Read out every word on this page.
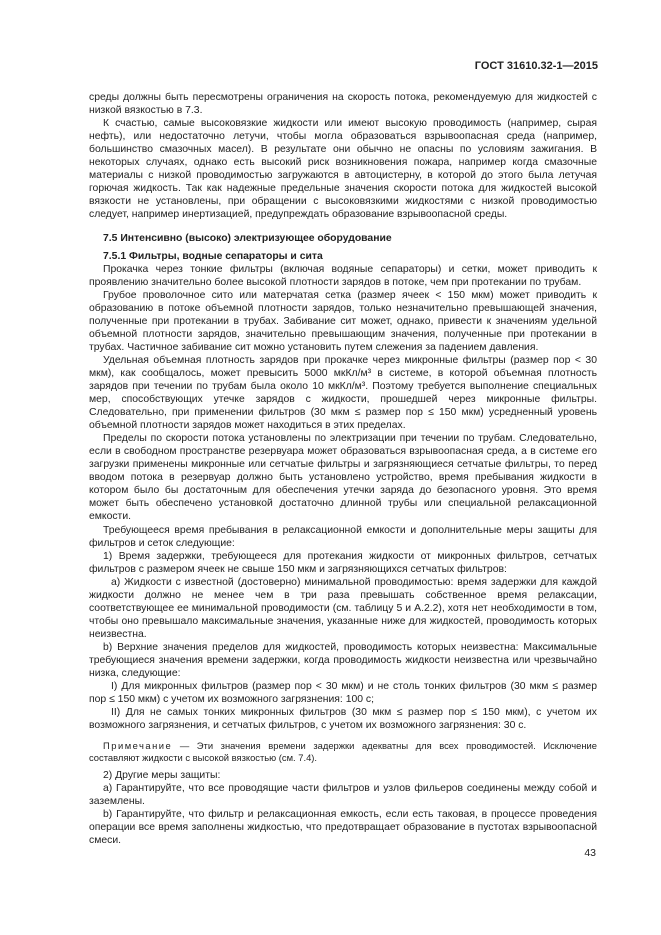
ГОСТ 31610.32-1—2015

среды должны быть пересмотрены ограничения на скорость потока, рекомендуемую для жидкостей с низкой вязкостью в 7.3.

К счастью, самые высоковязкие жидкости или имеют высокую проводимость (например, сырая нефть), или недостаточно летучи, чтобы могла образоваться взрывоопасная среда (например, большинство смазочных масел). В результате они обычно не опасны по условиям зажигания. В некоторых случаях, однако есть высокий риск возникновения пожара, например когда смазочные материалы с низкой проводимостью загружаются в автоцистерну, в которой до этого была летучая горючая жидкость. Так как надежные предельные значения скорости потока для жидкостей высокой вязкости не установлены, при обращении с высоковязкими жидкостями с низкой проводимостью следует, например инертизацией, предупреждать образование взрывоопасной среды.

7.5 Интенсивно (высоко) электризующее оборудование

7.5.1 Фильтры, водные сепараторы и сита

Прокачка через тонкие фильтры (включая водяные сепараторы) и сетки, может приводить к проявлению значительно более высокой плотности зарядов в потоке, чем при протекании по трубам.

Грубое проволочное сито или матерчатая сетка (размер ячеек < 150 мкм) может приводить к образованию в потоке объемной плотности зарядов, только незначительно превышающей значения, полученные при протекании в трубах. Забивание сит может, однако, привести к значениям удельной объемной плотности зарядов, значительно превышающим значения, полученные при протекании в трубах. Частичное забивание сит можно установить путем слежения за падением давления.

Удельная объемная плотность зарядов при прокачке через микронные фильтры (размер пор < 30 мкм), как сообщалось, может превысить 5000 мкКл/м³ в системе, в которой объемная плотность зарядов при течении по трубам была около 10 мкКл/м³. Поэтому требуется выполнение специальных мер, способствующих утечке зарядов с жидкости, прошедшей через микронные фильтры. Следовательно, при применении фильтров (30 мкм ≤ размер пор ≤ 150 мкм) усредненный уровень объемной плотности зарядов может находиться в этих пределах.

Пределы по скорости потока установлены по электризации при течении по трубам. Следовательно, если в свободном пространстве резервуара может образоваться взрывоопасная среда, а в системе его загрузки применены микронные или сетчатые фильтры и загрязняющиеся сетчатые фильтры, то перед вводом потока в резервуар должно быть установлено устройство, время пребывания жидкости в котором было бы достаточным для обеспечения утечки заряда до безопасного уровня. Это время может быть обеспечено установкой достаточно длинной трубы или специальной релаксационной емкости.

Требующееся время пребывания в релаксационной емкости и дополнительные меры защиты для фильтров и сеток следующие:

1) Время задержки, требующееся для протекания жидкости от микронных фильтров, сетчатых фильтров с размером ячеек не свыше 150 мкм и загрязняющихся сетчатых фильтров:

а) Жидкости с известной (достоверно) минимальной проводимостью: время задержки для каждой жидкости должно не менее чем в три раза превышать собственное время релаксации, соответствующее ее минимальной проводимости (см. таблицу 5 и А.2.2), хотя нет необходимости в том, чтобы оно превышало максимальные значения, указанные ниже для жидкостей, проводимость которых неизвестна.

b) Верхние значения пределов для жидкостей, проводимость которых неизвестна: Максимальные требующиеся значения времени задержки, когда проводимость жидкости неизвестна или чрезвычайно низка, следующие:

I) Для микронных фильтров (размер пор < 30 мкм) и не столь тонких фильтров (30 мкм ≤ размер пор ≤ 150 мкм) с учетом их возможного загрязнения: 100 с;

II) Для не самых тонких микронных фильтров (30 мкм ≤ размер пор ≤ 150 мкм), с учетом их возможного загрязнения, и сетчатых фильтров, с учетом их возможного загрязнения: 30 с.

Примечание — Эти значения времени задержки адекватны для всех проводимостей. Исключение составляют жидкости с высокой вязкостью (см. 7.4).

2) Другие меры защиты:

а) Гарантируйте, что все проводящие части фильтров и узлов фильеров соединены между собой и заземлены.

b) Гарантируйте, что фильтр и релаксационная емкость, если есть таковая, в процессе проведения операции все время заполнены жидкостью, что предотвращает образование в пустотах взрывоопасной смеси.

43
